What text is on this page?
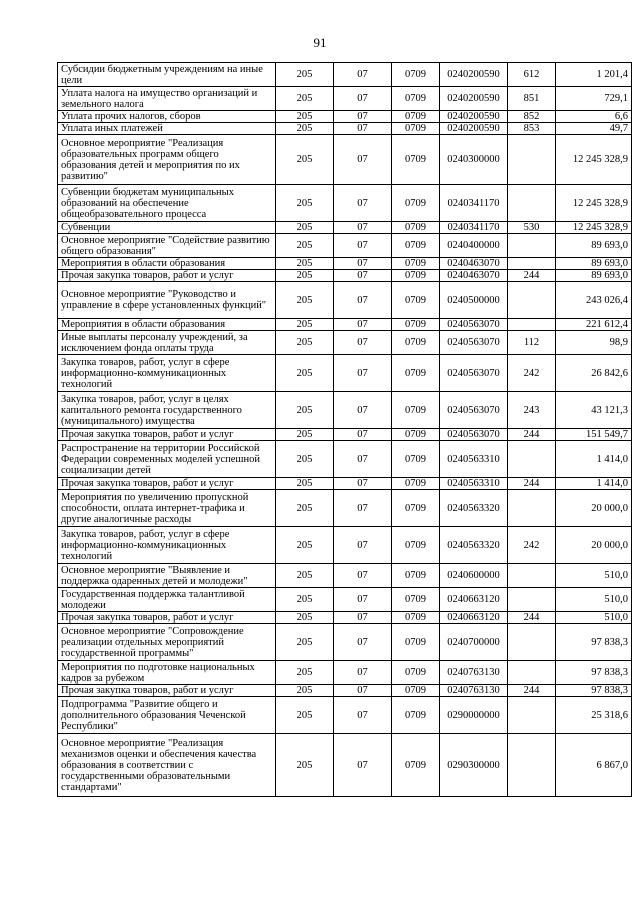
91
Субсидии бюджетным учреждениям на иные цели	205	07	0709	0240200590	612	1 201,4
Уплата налога на имущество организаций и земельного налога	205	07	0709	0240200590	851	729,1
Уплата прочих налогов, сборов	205	07	0709	0240200590	852	6,6
Уплата иных платежей	205	07	0709	0240200590	853	49,7
Основное мероприятие "Реализация образовательных программ общего образования детей и мероприятия по их развитию"	205	07	0709	0240300000		12 245 328,9
Субвенции бюджетам муниципальных образований на обеспечение общеобразовательного процесса	205	07	0709	0240341170		12 245 328,9
Субвенции	205	07	0709	0240341170	530	12 245 328,9
Основное мероприятие "Содействие развитию общего образования"	205	07	0709	0240400000		89 693,0
Мероприятия в области образования	205	07	0709	0240463070		89 693,0
Прочая закупка товаров, работ и услуг	205	07	0709	0240463070	244	89 693,0
Основное мероприятие "Руководство и управление в сфере установленных функций"	205	07	0709	0240500000		243 026,4
Мероприятия в области образования	205	07	0709	0240563070		221 612,4
Иные выплаты персоналу учреждений, за исключением фонда оплаты труда	205	07	0709	0240563070	112	98,9
Закупка товаров, работ, услуг в сфере информационно-коммуникационных технологий	205	07	0709	0240563070	242	26 842,6
Закупка товаров, работ, услуг в целях капитального ремонта государственного (муниципального) имущества	205	07	0709	0240563070	243	43 121,3
Прочая закупка товаров, работ и услуг	205	07	0709	0240563070	244	151 549,7
Распространение на территории Российской Федерации современных моделей успешной социализации детей	205	07	0709	0240563310		1 414,0
Прочая закупка товаров, работ и услуг	205	07	0709	0240563310	244	1 414,0
Мероприятия по увеличению пропускной способности, оплата интернет-трафика и другие аналогичные расходы	205	07	0709	0240563320		20 000,0
Закупка товаров, работ, услуг в сфере информационно-коммуникационных технологий	205	07	0709	0240563320	242	20 000,0
Основное мероприятие "Выявление и поддержка одаренных детей и молодежи"	205	07	0709	0240600000		510,0
Государственная поддержка талантливой молодежи	205	07	0709	0240663120		510,0
Прочая закупка товаров, работ и услуг	205	07	0709	0240663120	244	510,0
Основное мероприятие "Сопровождение реализации отдельных мероприятий государственной программы"	205	07	0709	0240700000		97 838,3
Мероприятия по подготовке национальных кадров за рубежом	205	07	0709	0240763130		97 838,3
Прочая закупка товаров, работ и услуг	205	07	0709	0240763130	244	97 838,3
Подпрограмма "Развитие общего и дополнительного образования Чеченской Республики"	205	07	0709	0290000000		25 318,6
Основное мероприятие "Реализация механизмов оценки и обеспечения качества образования в соответствии с государственными образовательными стандартами"	205	07	0709	0290300000		6 867,0
